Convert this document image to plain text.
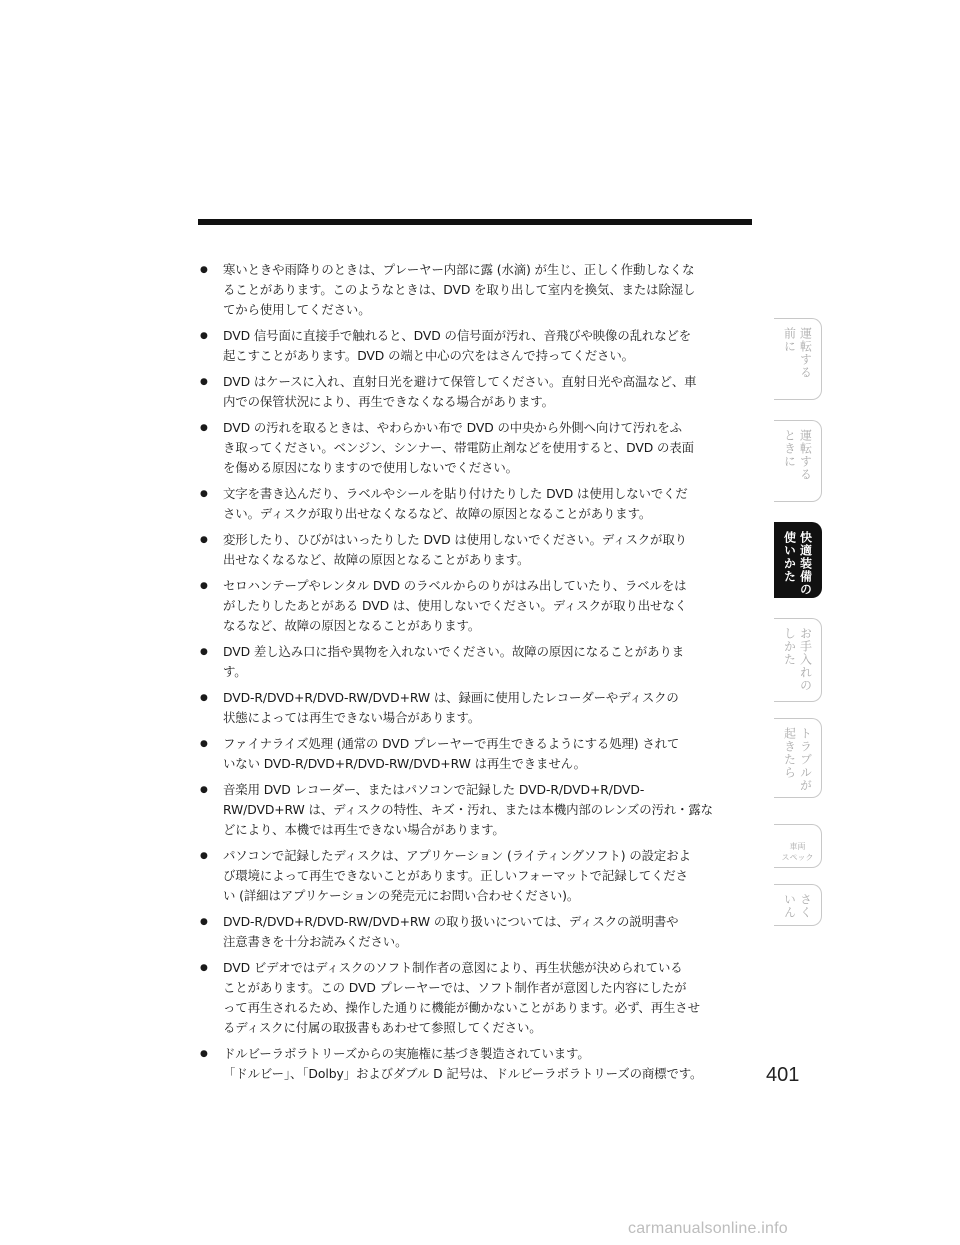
●	寒いときや雨降りのときは、プレーヤー内部に露 (水滴) が生じ、正しく作動しなくな
ることがあります。このようなときは、DVD を取り出して室内を換気、または除湿し
てから使用してください。
●	DVD 信号面に直接手で触れると、DVD の信号面が汚れ、音飛びや映像の乱れなどを
起こすことがあります。DVD の端と中心の穴をはさんで持ってください。
●	DVD はケースに入れ、直射日光を避けて保管してください。直射日光や高温など、車
内での保管状況により、再生できなくなる場合があります。
●	DVD の汚れを取るときは、やわらかい布で DVD の中央から外側へ向けて汚れをふ
き取ってください。ベンジン、シンナー、帯電防止剤などを使用すると、DVD の表面
を傷める原因になりますので使用しないでください。
●	文字を書き込んだり、ラベルやシールを貼り付けたりした DVD は使用しないでくだ
さい。ディスクが取り出せなくなるなど、故障の原因となることがあります。
●	変形したり、ひびがはいったりした DVD は使用しないでください。ディスクが取り
出せなくなるなど、故障の原因となることがあります。
●	セロハンテープやレンタル DVD のラベルからのりがはみ出していたり、ラベルをは
がしたりしたあとがある DVD は、使用しないでください。ディスクが取り出せなく
なるなど、故障の原因となることがあります。
●	DVD 差し込み口に指や異物を入れないでください。故障の原因になることがありま
す。
●	DVD-R/DVD+R/DVD-RW/DVD+RW は、録画に使用したレコーダーやディスクの
状態によっては再生できない場合があります。
●	ファイナライズ処理 (通常の DVD プレーヤーで再生できるようにする処理) されて
いない DVD-R/DVD+R/DVD-RW/DVD+RW は再生できません。
●	音楽用 DVD レコーダー、またはパソコンで記録した DVD-R/DVD+R/DVD-
RW/DVD+RW は、ディスクの特性、キズ・汚れ、または本機内部のレンズの汚れ・露な
どにより、本機では再生できない場合があります。
●	パソコンで記録したディスクは、アプリケーション (ライティングソフト) の設定およ
び環境によって再生できないことがあります。正しいフォーマットで記録してくださ
い (詳細はアプリケーションの発売元にお問い合わせください)。
●	DVD-R/DVD+R/DVD-RW/DVD+RW の取り扱いについては、ディスクの説明書や
注意書きを十分お読みください。
●	DVD ビデオではディスクのソフト制作者の意図により、再生状態が決められている
ことがあります。この DVD プレーヤーでは、ソフト制作者が意図した内容にしたが
って再生されるため、操作した通りに機能が働かないことがあります。必ず、再生させ
るディスクに付属の取扱書もあわせて参照してください。
●	ドルビーラボラトリーズからの実施権に基づき製造されています。
「ドルビー」、「Dolby」およびダブル D 記号は、ドルビーラボラトリーズの商標です。
運転する
前に
運転する
ときに
快適装備の
使いかた
お手入れの
しかた
トラブルが
起きたら
車両
スペック
さく
いん
401
carmanualsonline.info
